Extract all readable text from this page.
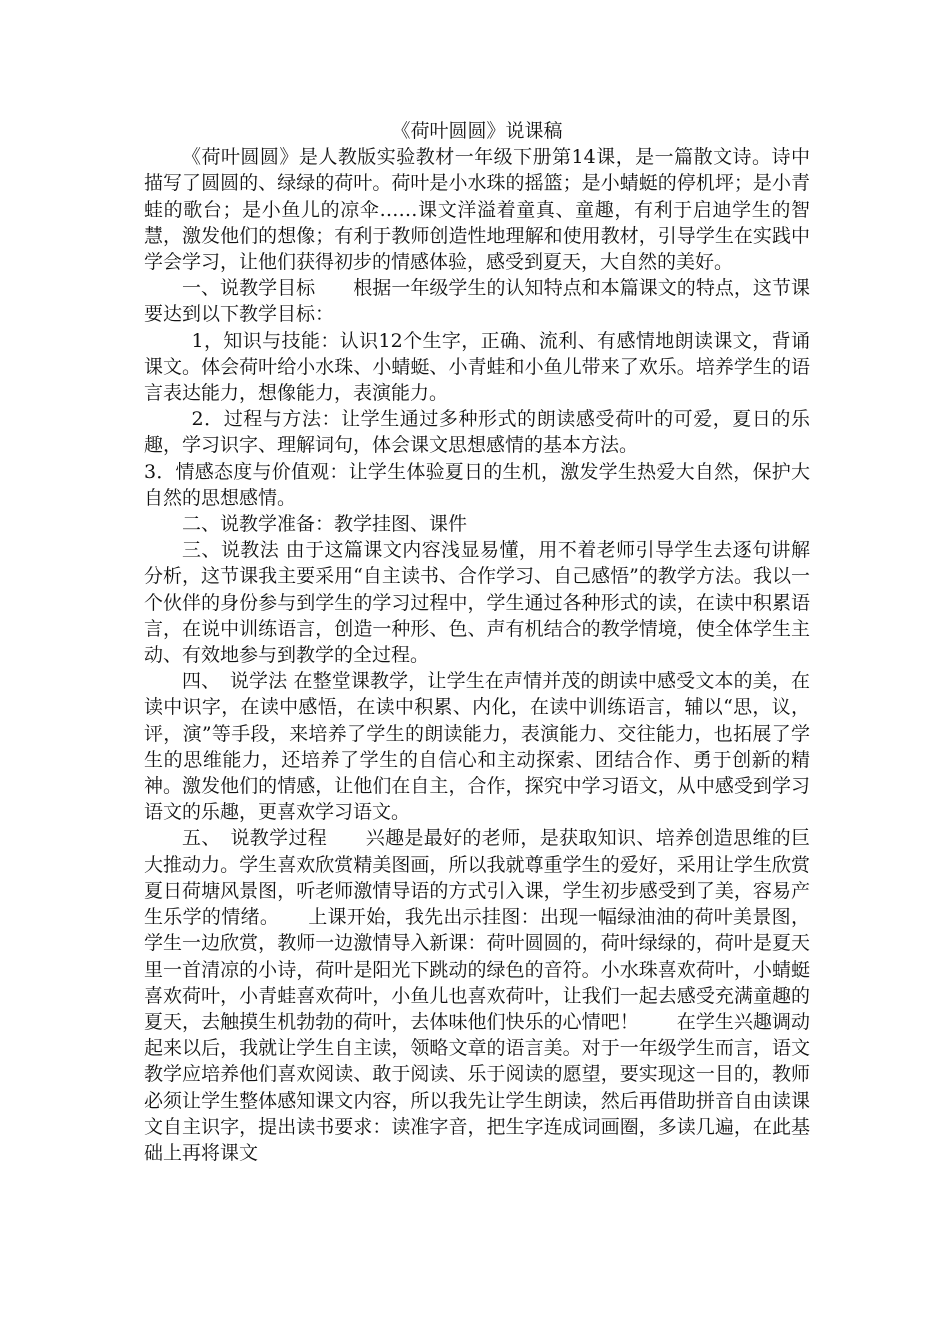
《荷叶圆圆》说课稿

《荷叶圆圆》是人教版实验教材一年级下册第14课，是一篇散文诗。诗中描写了圆圆的、绿绿的荷叶。荷叶是小水珠的摇篮；是小蜻蜓的停机坪；是小青蛙的歌台；是小鱼儿的凉伞……课文洋溢着童真、童趣，有利于启迪学生的智慧，激发他们的想像；有利于教师创造性地理解和使用教材，引导学生在实践中学会学习，让他们获得初步的情感体验，感受到夏天，大自然的美好。

一、说教学目标　　根据一年级学生的认知特点和本篇课文的特点，这节课要达到以下教学目标：

1，知识与技能：认识12个生字，正确、流利、有感情地朗读课文，背诵课文。体会荷叶给小水珠、小蜻蜓、小青蛙和小鱼儿带来了欢乐。培养学生的语言表达能力，想像能力，表演能力。

2．过程与方法：让学生通过多种形式的朗读感受荷叶的可爱，夏日的乐趣，学习识字、理解词句，体会课文思想感情的基本方法。

3．情感态度与价值观：让学生体验夏日的生机，激发学生热爱大自然，保护大自然的思想感情。

二、说教学准备：教学挂图、课件

三、说教法 由于这篇课文内容浅显易懂，用不着老师引导学生去逐句讲解分析，这节课我主要采用“自主读书、合作学习、自己感悟”的教学方法。我以一个伙伴的身份参与到学生的学习过程中，学生通过各种形式的读，在读中积累语言，在说中训练语言，创造一种形、色、声有机结合的教学情境，使全体学生主动、有效地参与到教学的全过程。

四、　说学法 在整堂课教学，让学生在声情并茂的朗读中感受文本的美，在读中识字，在读中感悟，在读中积累、内化，在读中训练语言，辅以“思，议，评，演”等手段，来培养了学生的朗读能力，表演能力、交往能力，也拓展了学生的思维能力，还培养了学生的自信心和主动探索、团结合作、勇于创新的精神。激发他们的情感，让他们在自主，合作，探究中学习语文，从中感受到学习语文的乐趣，更喜欢学习语文。

五、　说教学过程　　兴趣是最好的老师，是获取知识、培养创造思维的巨大推动力。学生喜欢欣赏精美图画，所以我就尊重学生的爱好，采用让学生欣赏夏日荷塘风景图，听老师激情导语的方式引入课，学生初步感受到了美，容易产生乐学的情绪。　　上课开始，我先出示挂图：出现一幅绿油油的荷叶美景图，学生一边欣赏，教师一边激情导入新课：荷叶圆圆的，荷叶绿绿的，荷叶是夏天里一首清凉的小诗，荷叶是阳光下跳动的绿色的音符。小水珠喜欢荷叶，小蜻蜓喜欢荷叶，小青蛙喜欢荷叶，小鱼儿也喜欢荷叶，让我们一起去感受充满童趣的夏天，去触摸生机勃勃的荷叶，去体味他们快乐的心情吧！　　在学生兴趣调动起来以后，我就让学生自主读，领略文章的语言美。对于一年级学生而言，语文教学应培养他们喜欢阅读、敢于阅读、乐于阅读的愿望，要实现这一目的，教师必须让学生整体感知课文内容，所以我先让学生朗读，然后再借助拼音自由读课文自主识字，提出读书要求：读准字音，把生字连成词画圈，多读几遍，在此基础上再将课文
